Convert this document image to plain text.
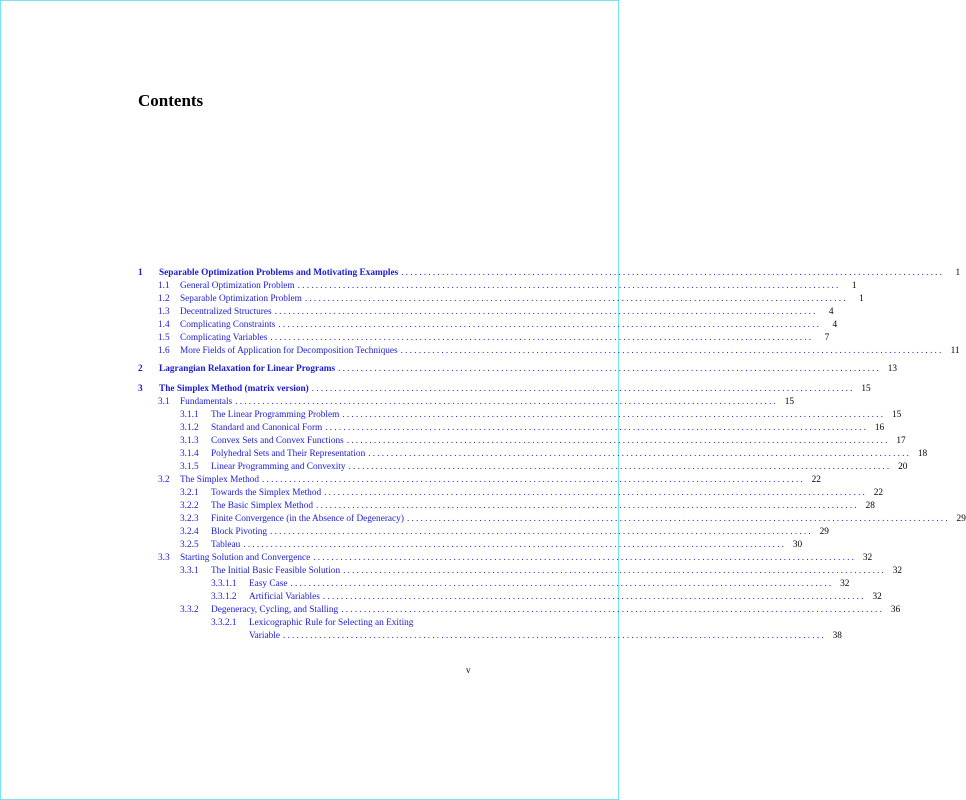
Contents
1	Separable Optimization Problems and Motivating Examples ........................................................................................................................	1
1.1	General Optimization Problem ........................................................................................................................	1
1.2	Separable Optimization Problem ........................................................................................................................	1
1.3	Decentralized Structures ........................................................................................................................	4
1.4	Complicating Constraints ........................................................................................................................	4
1.5	Complicating Variables ........................................................................................................................	7
1.6	More Fields of Application for Decomposition Techniques ........................................................................................................................ 11
2	Lagrangian Relaxation for Linear Programs ........................................................................................................................ 13
3	The Simplex Method (matrix version) ........................................................................................................................ 15
3.1	Fundamentals ........................................................................................................................ 15
3.1.1	The Linear Programming Problem ........................................................................................................................ 15
3.1.2	Standard and Canonical Form ........................................................................................................................ 16
3.1.3	Convex Sets and Convex Functions ........................................................................................................................ 17
3.1.4	Polyhedral Sets and Their Representation ........................................................................................................................ 18
3.1.5	Linear Programming and Convexity ........................................................................................................................ 20
3.2	The Simplex Method ........................................................................................................................ 22
3.2.1	Towards the Simplex Method ........................................................................................................................ 22
3.2.2	The Basic Simplex Method ........................................................................................................................ 28
3.2.3	Finite Convergence (in the Absence of Degeneracy) ........................................................................................................................ 29
3.2.4	Block Pivoting ........................................................................................................................ 29
3.2.5	Tableau ........................................................................................................................ 30
3.3	Starting Solution and Convergence ........................................................................................................................ 32
3.3.1	The Initial Basic Feasible Solution ........................................................................................................................ 32
3.3.1.1	Easy Case ........................................................................................................................ 32
3.3.1.2	Artificial Variables ........................................................................................................................ 32
3.3.2	Degeneracy, Cycling, and Stalling ........................................................................................................................ 36
3.3.2.1	Lexicographic Rule for Selecting an Exiting
Variable ........................................................................................................................ 38
v
